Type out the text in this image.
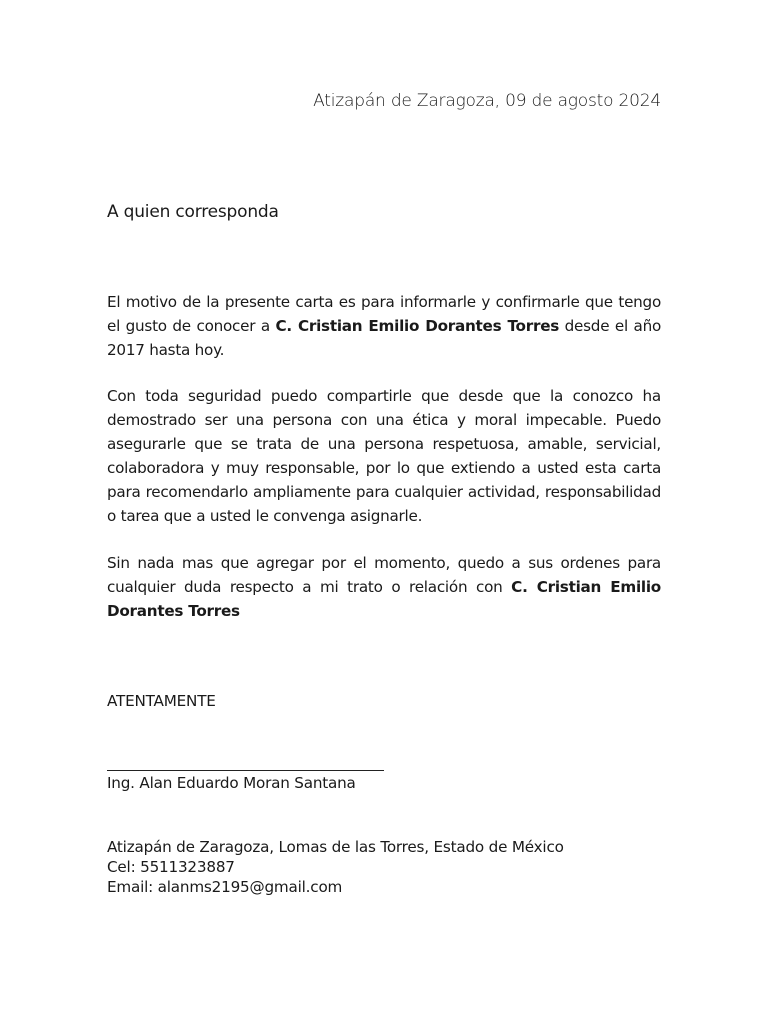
Atizapán de Zaragoza, 09 de agosto 2024
A quien corresponda

El motivo de la presente carta es para informarle y confirmarle que tengo el gusto de conocer a C. Cristian Emilio Dorantes Torres desde el año 2017 hasta hoy.

Con toda seguridad puedo compartirle que desde que la conozco ha demostrado ser una persona con una ética y moral impecable. Puedo asegurarle que se trata de una persona respetuosa, amable, servicial, colaboradora y muy responsable, por lo que extiendo a usted esta carta para recomendarlo ampliamente para cualquier actividad, responsabilidad o tarea que a usted le convenga asignarle.

Sin nada mas que agregar por el momento, quedo a sus ordenes para cualquier duda respecto a mi trato o relación con C. Cristian Emilio Dorantes Torres

ATENTAMENTE
Ing. Alan Eduardo Moran Santana
Atizapán de Zaragoza, Lomas de las Torres, Estado de México
Cel: 5511323887
Email: alanms2195@gmail.com
